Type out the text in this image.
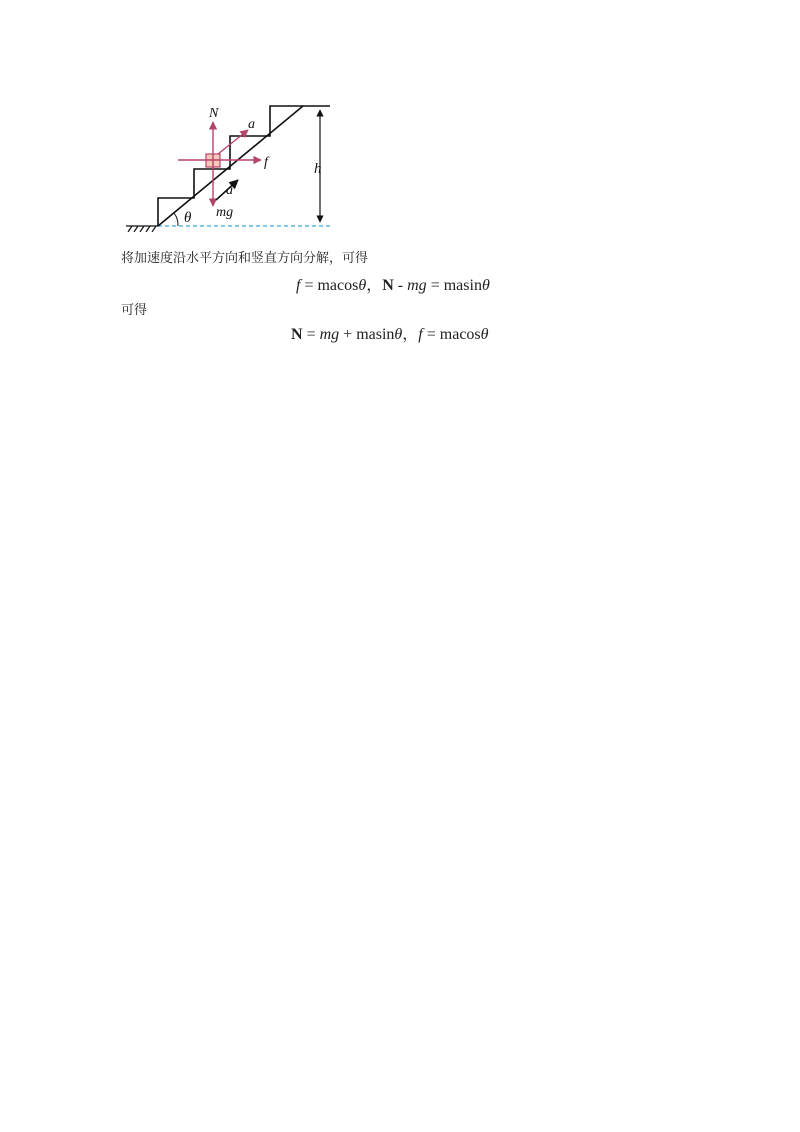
θ
h
N
mg
f
a
a
将加速度沿水平方向和竖直方向分解，可得
f = macosθ，N - mg = masinθ
可得
N = mg + masinθ，f = macosθ
